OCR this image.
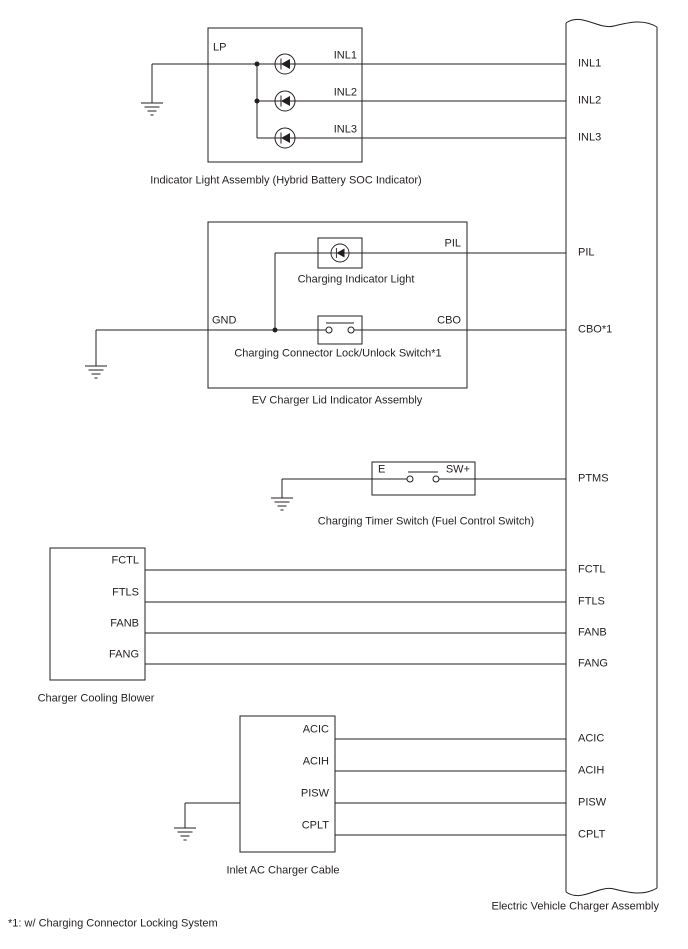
LP
INL1
INL2
INL3
Indicator Light Assembly (Hybrid Battery SOC Indicator)
PIL
Charging Indicator Light
GND	CBO
Charging Connector Lock/Unlock Switch*1
EV Charger Lid Indicator Assembly
E	SW+
Charging Timer Switch (Fuel Control Switch)
FCTL
FTLS
FANB
FANG
Charger Cooling Blower
ACIC
ACIH
PISW
CPLT
Inlet AC Charger Cable
INL1
INL2
INL3
PIL
CBO*1
PTMS
FCTL
FTLS
FANB
FANG
ACIC
ACIH
PISW
CPLT
Electric Vehicle Charger Assembly
*1: w/ Charging Connector Locking System
